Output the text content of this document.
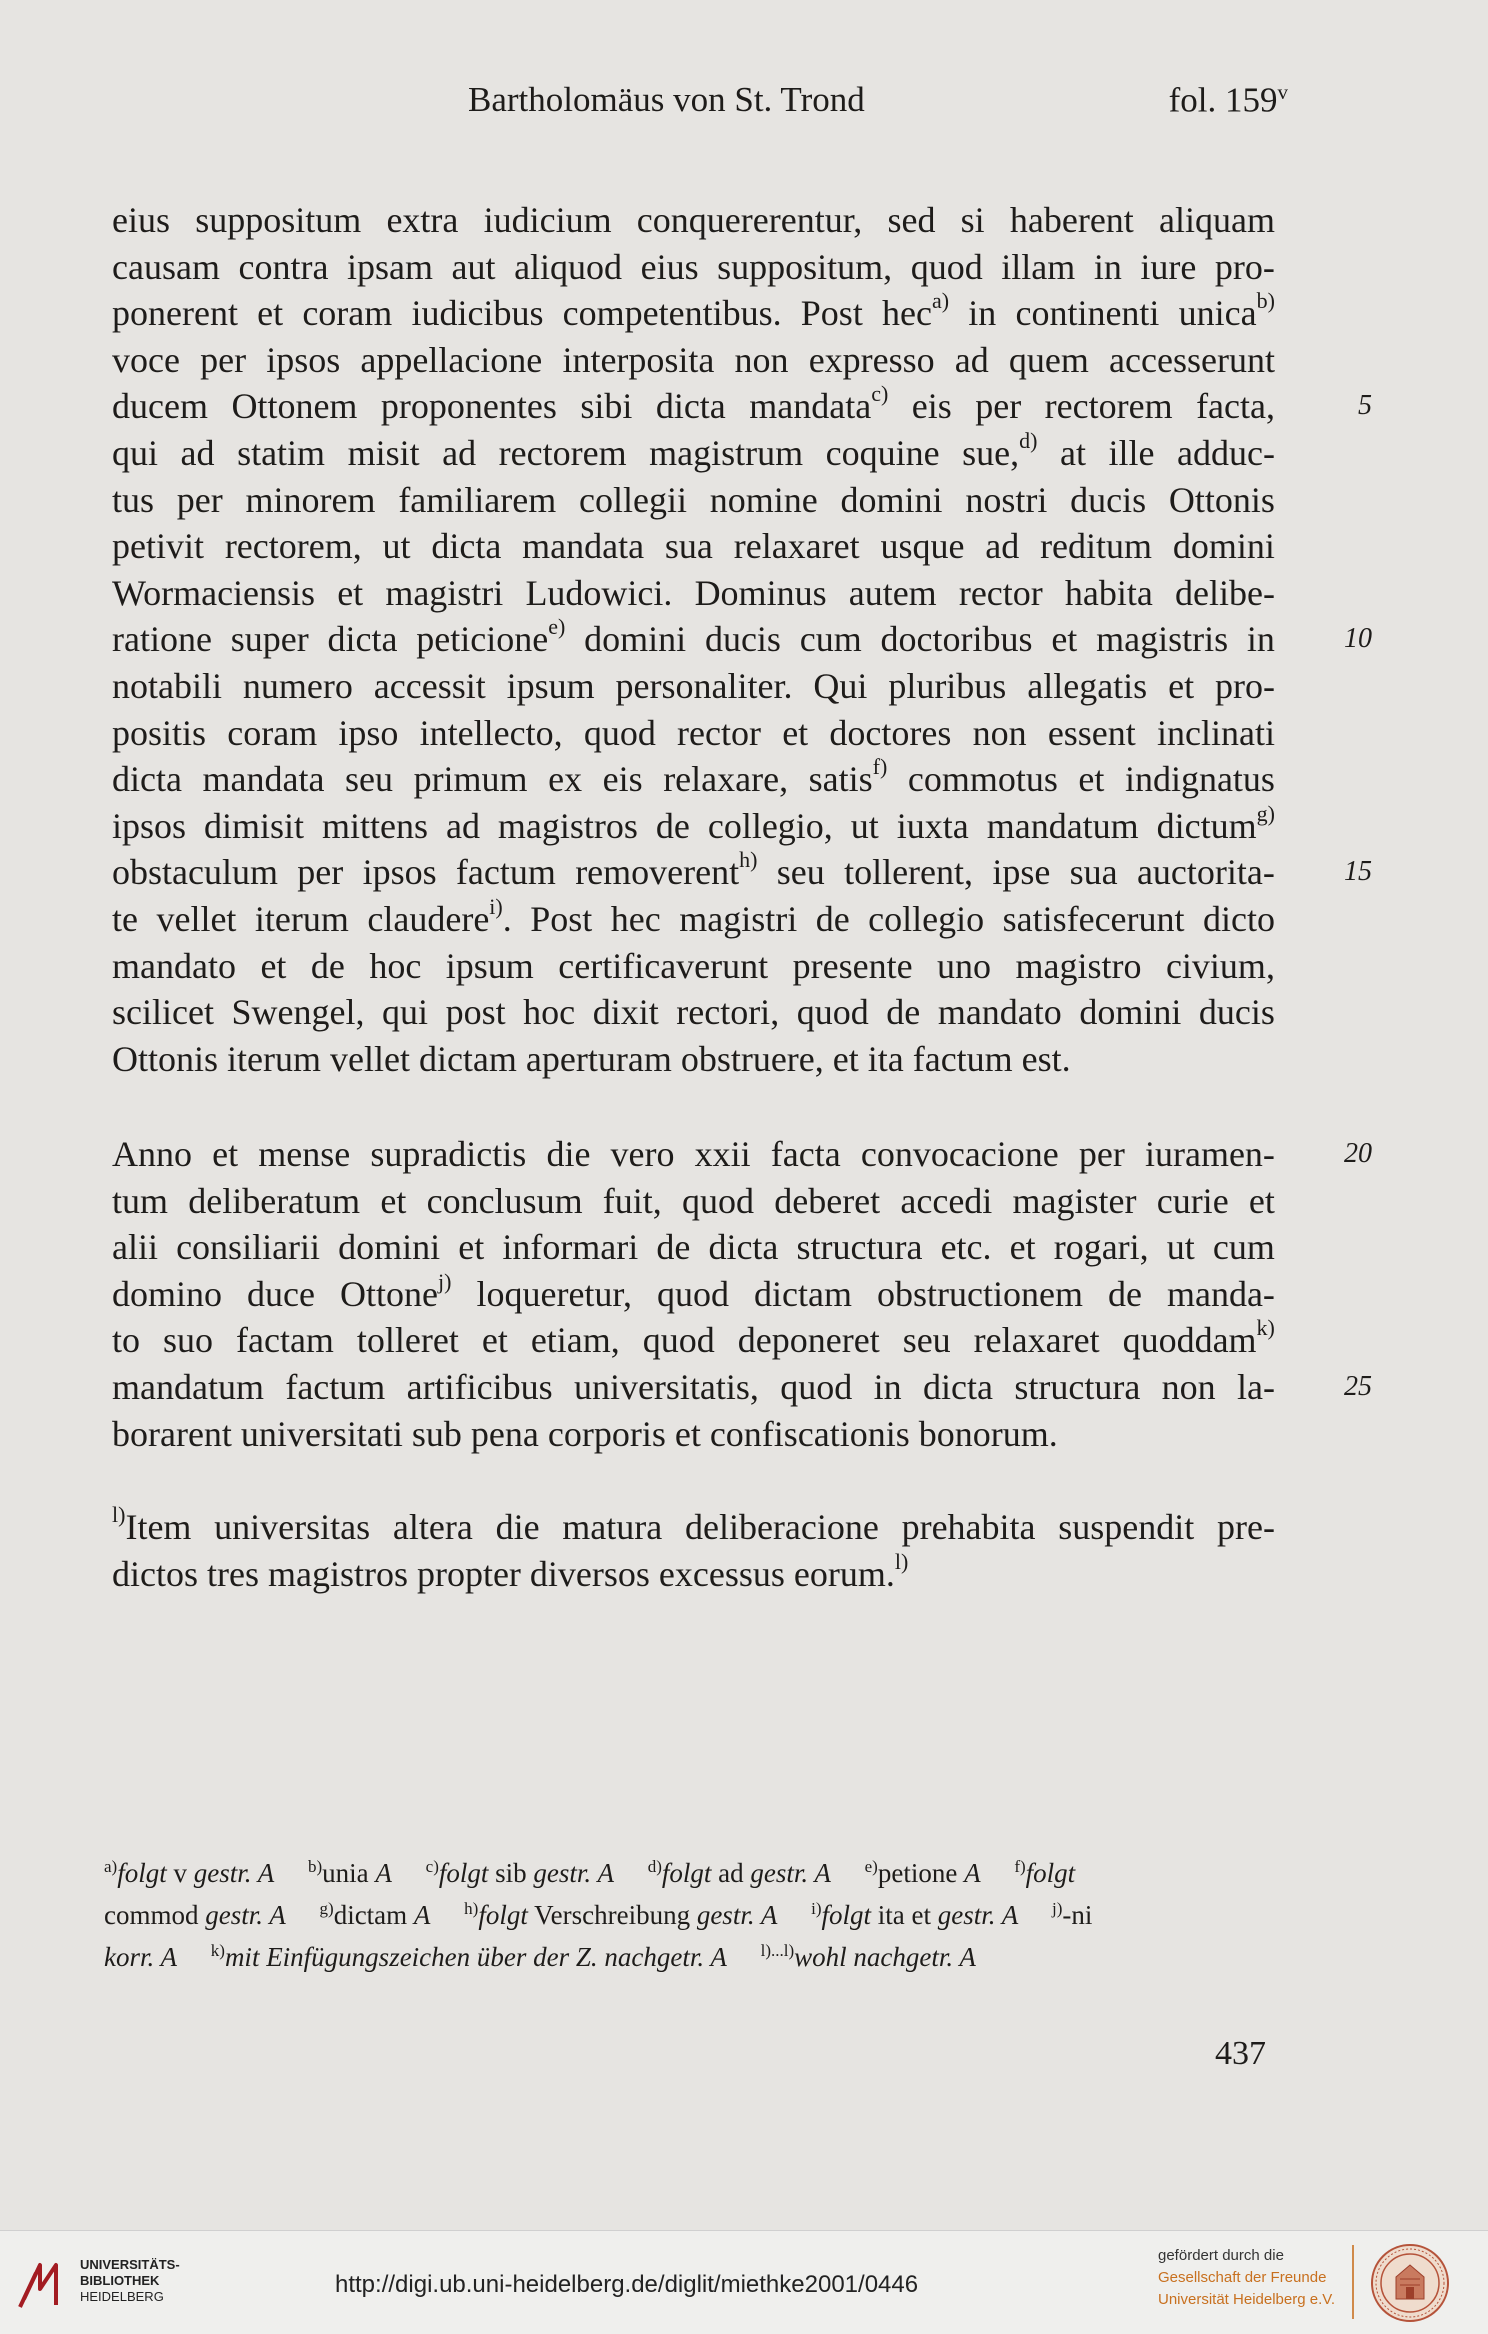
Bartholomäus von St. Trond	fol. 159$^v$
eius suppositum extra iudicium conquererentur, sed si haberent aliquam
causam contra ipsam aut aliquod eius suppositum, quod illam in iure pro-
ponerent et coram iudicibus competentibus. Post hec$^{a)}$ in continenti unica$^{b)}$
voce per ipsos appellacione interposita non expresso ad quem accesserunt
ducem Ottonem proponentes sibi dicta mandata$^{c)}$ eis per rectorem facta,	5
qui ad statim misit ad rectorem magistrum coquine sue,$^{d)}$ at ille adduc-
tus per minorem familiarem collegii nomine domini nostri ducis Ottonis
petivit rectorem, ut dicta mandata sua relaxaret usque ad reditum domini
Wormaciensis et magistri Ludowici. Dominus autem rector habita delibe-
ratione super dicta peticione$^{e)}$ domini ducis cum doctoribus et magistris in	10
notabili numero accessit ipsum personaliter. Qui pluribus allegatis et pro-
positis coram ipso intellecto, quod rector et doctores non essent inclinati
dicta mandata seu primum ex eis relaxare, satis$^{f)}$ commotus et indignatus
ipsos dimisit mittens ad magistros de collegio, ut iuxta mandatum dictum$^{g)}$
obstaculum per ipsos factum removerent$^{h)}$ seu tollerent, ipse sua auctorita-	15
te vellet iterum claudere$^{i)}$. Post hec magistri de collegio satisfecerunt dicto
mandato et de hoc ipsum certificaverunt presente uno magistro civium,
scilicet Swengel, qui post hoc dixit rectori, quod de mandato domini ducis
Ottonis iterum vellet dictam aperturam obstruere, et ita factum est.
Anno et mense supradictis die vero xxii facta convocacione per iuramen-	20
tum deliberatum et conclusum fuit, quod deberet accedi magister curie et
alii consiliarii domini et informari de dicta structura etc. et rogari, ut cum
domino duce Ottone$^{j)}$ loqueretur, quod dictam obstructionem de manda-
to suo factam tolleret et etiam, quod deponeret seu relaxaret quoddam$^{k)}$
mandatum factum artificibus universitatis, quod in dicta structura non la-	25
borarent universitati sub pena corporis et confiscationis bonorum.
$^{l)}$Item universitas altera die matura deliberacione prehabita suspendit pre-
dictos tres magistros propter diversos excessus eorum.$^{l)}$
$^{a)}$folgt v gestr. A $^{b)}$unia A $^{c)}$folgt sib gestr. A $^{d)}$folgt ad gestr. A $^{e)}$petione A $^{f)}$folgt
commod gestr. A $^{g)}$dictam A $^{h)}$folgt Verschreibung gestr. A $^{i)}$folgt ita et gestr. A $^{j)}$-ni
korr. A $^{k)}$mit Einfügungszeichen über der Z. nachgetr. A $^{l)...l)}$wohl nachgetr. A
437
UNIVERSITÄTS-
BIBLIOTHEK
HEIDELBERG	http://digi.ub.uni-heidelberg.de/diglit/miethke2001/0446
gefördert durch die
Gesellschaft der Freunde
Universität Heidelberg e.V.
